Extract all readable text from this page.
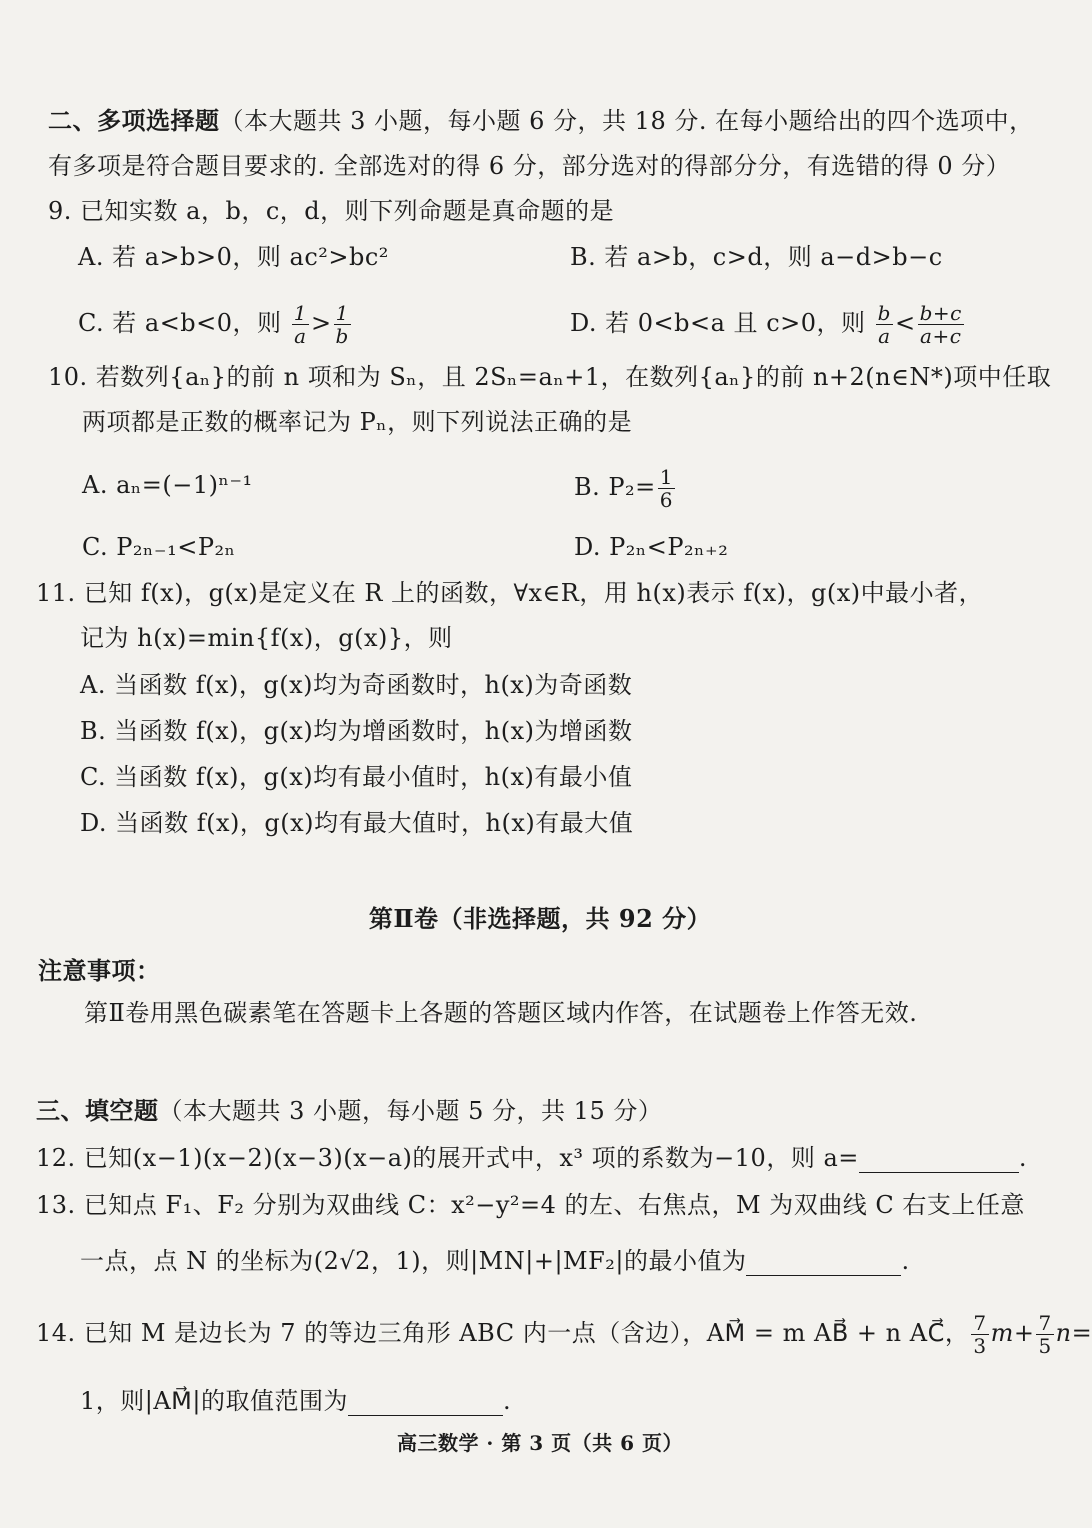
二、多项选择题（本大题共 3 小题，每小题 6 分，共 18 分. 在每小题给出的四个选项中，
有多项是符合题目要求的. 全部选对的得 6 分，部分选对的得部分分，有选错的得 0 分）
9. 已知实数 a，b，c，d，则下列命题是真命题的是
A. 若 a>b>0，则 ac²>bc²	B. 若 a>b，c>d，则 a−d>b−c
C. 若 a<b<0，则 $\frac{1}{a} > \frac{1}{b}$	D. 若 0<b<a 且 c>0，则 $\frac{b}{a} < \frac{b+c}{a+c}$
10. 若数列{aₙ}的前 n 项和为 Sₙ，且 2Sₙ=aₙ+1，在数列{aₙ}的前 n+2(n∈N*)项中任取
两项都是正数的概率记为 Pₙ，则下列说法正确的是
A. aₙ=(−1)ⁿ⁻¹	B. $P_2= \frac{1}{6}$
C. P₂ₙ₋₁<P₂ₙ	D. P₂ₙ<P₂ₙ₊₂
11. 已知 f(x)，g(x)是定义在 R 上的函数，∀x∈R，用 h(x)表示 f(x)，g(x)中最小者，
记为 h(x)=min{f(x)，g(x)}，则
A. 当函数 f(x)，g(x)均为奇函数时，h(x)为奇函数
B. 当函数 f(x)，g(x)均为增函数时，h(x)为增函数
C. 当函数 f(x)，g(x)均有最小值时，h(x)有最小值
D. 当函数 f(x)，g(x)均有最大值时，h(x)有最大值
第Ⅱ卷（非选择题，共 92 分）
注意事项：
第Ⅱ卷用黑色碳素笔在答题卡上各题的答题区域内作答，在试题卷上作答无效.
三、填空题（本大题共 3 小题，每小题 5 分，共 15 分）
12. 已知(x−1)(x−2)(x−3)(x−a)的展开式中，x³ 项的系数为−10，则 a=	.
13. 已知点 F₁、F₂ 分别为双曲线 C：x²−y²=4 的左、右焦点，M 为双曲线 C 右支上任意
一点，点 N 的坐标为(2√2，1)，则|MN|+|MF₂|的最小值为	.
14. 已知 M 是边长为 7 的等边三角形 ABC 内一点（含边），AM⃗ = m AB⃗ + n AC⃗， $\frac{7}{3} m+ \frac{7}{5} n=$
1，则|AM⃗|的取值范围为	.
高三数学 · 第 3 页（共 6 页）
